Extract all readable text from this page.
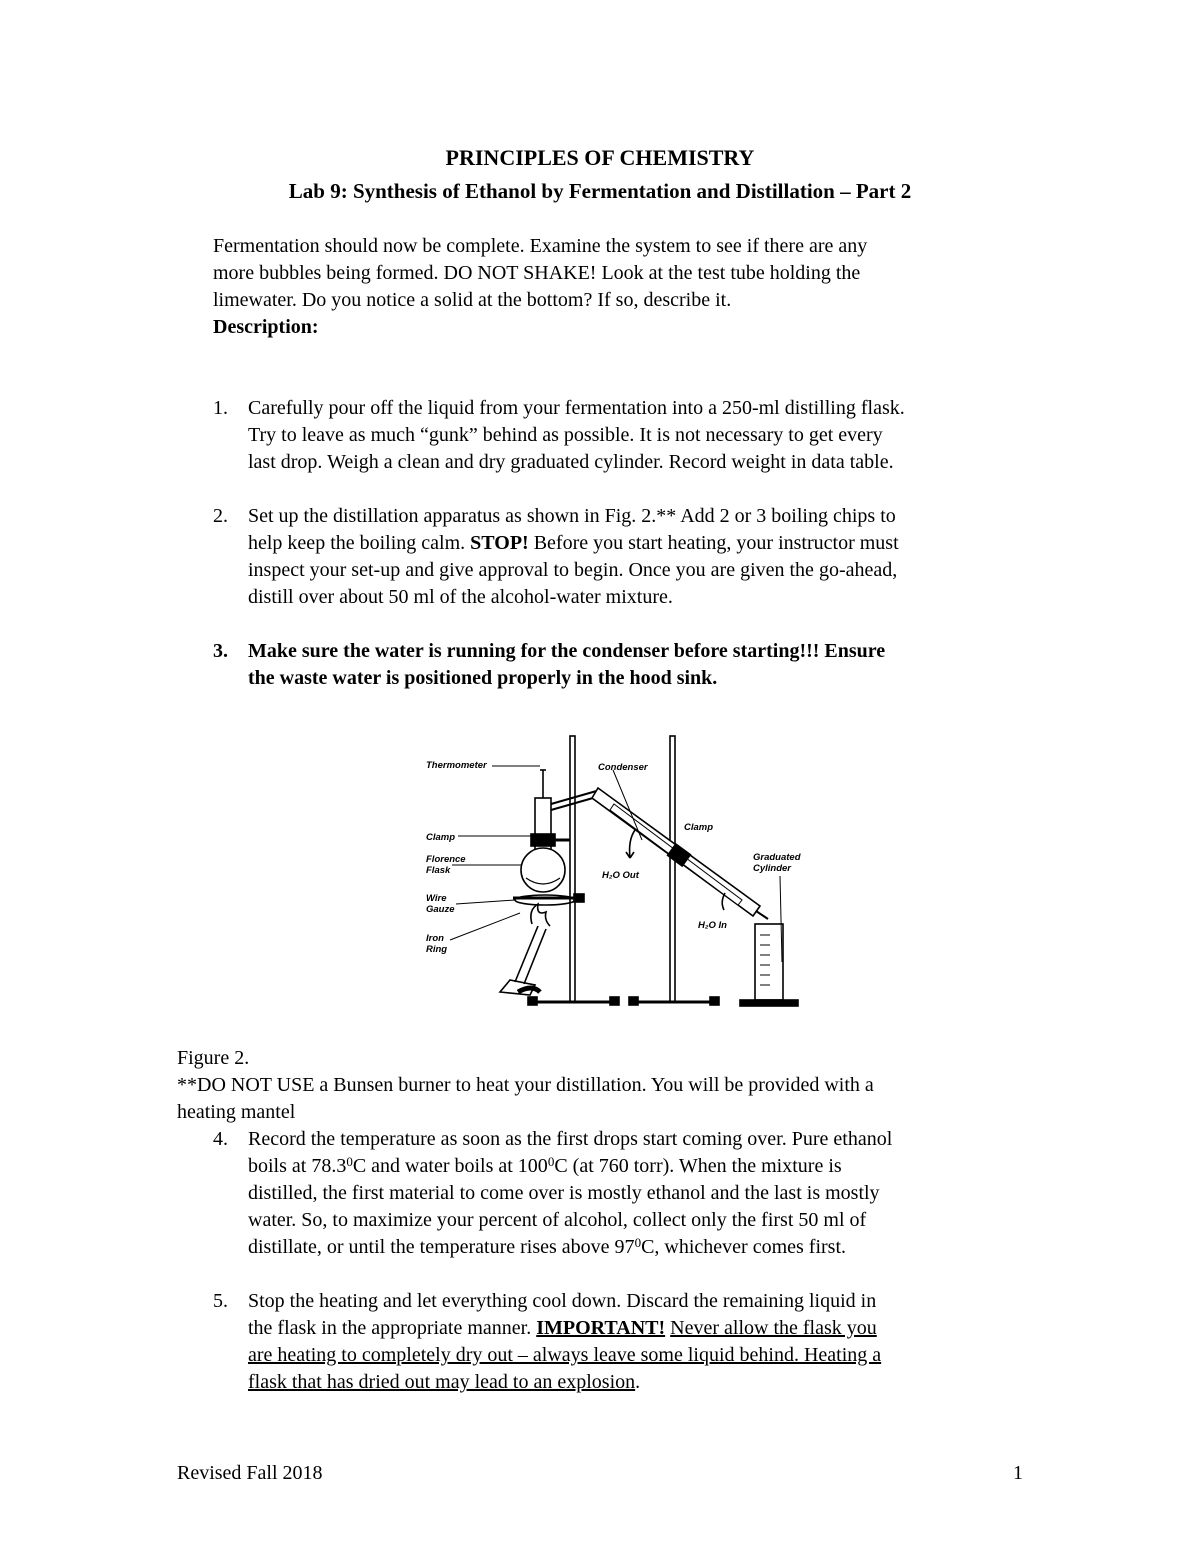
PRINCIPLES OF CHEMISTRY
Lab 9: Synthesis of Ethanol by Fermentation and Distillation – Part 2
Fermentation should now be complete. Examine the system to see if there are any
more bubbles being formed. DO NOT SHAKE! Look at the test tube holding the
limewater. Do you notice a solid at the bottom? If so, describe it.
Description:
1. Carefully pour off the liquid from your fermentation into a 250-ml distilling flask.
Try to leave as much “gunk” behind as possible. It is not necessary to get every
last drop. Weigh a clean and dry graduated cylinder. Record weight in data table.
2. Set up the distillation apparatus as shown in Fig. 2.** Add 2 or 3 boiling chips to
help keep the boiling calm. STOP! Before you start heating, your instructor must
inspect your set-up and give approval to begin. Once you are given the go-ahead,
distill over about 50 ml of the alcohol-water mixture.
3. Make sure the water is running for the condenser before starting!!! Ensure
the waste water is positioned properly in the hood sink.
Thermometer	Condenser
Clamp
Clamp
Florence
Flask
Wire
Gauze
Iron
Ring
H₂O Out
H₂O In
Graduated
Cylinder
Figure 2.
**DO NOT USE a Bunsen burner to heat your distillation. You will be provided with a
heating mantel
4. Record the temperature as soon as the first drops start coming over. Pure ethanol
boils at 78.3$^0$C and water boils at $100^0C$ (at 760 torr). When the mixture is
distilled, the first material to come over is mostly ethanol and the last is mostly
water. So, to maximize your percent of alcohol, collect only the first 50 ml of
distillate, or until the temperature rises above $97^0C$, whichever comes first.
5. Stop the heating and let everything cool down. Discard the remaining liquid in
the flask in the appropriate manner. IMPORTANT! Never allow the flask you
are heating to completely dry out – always leave some liquid behind. Heating a
flask that has dried out may lead to an explosion.
Revised Fall 2018	1
